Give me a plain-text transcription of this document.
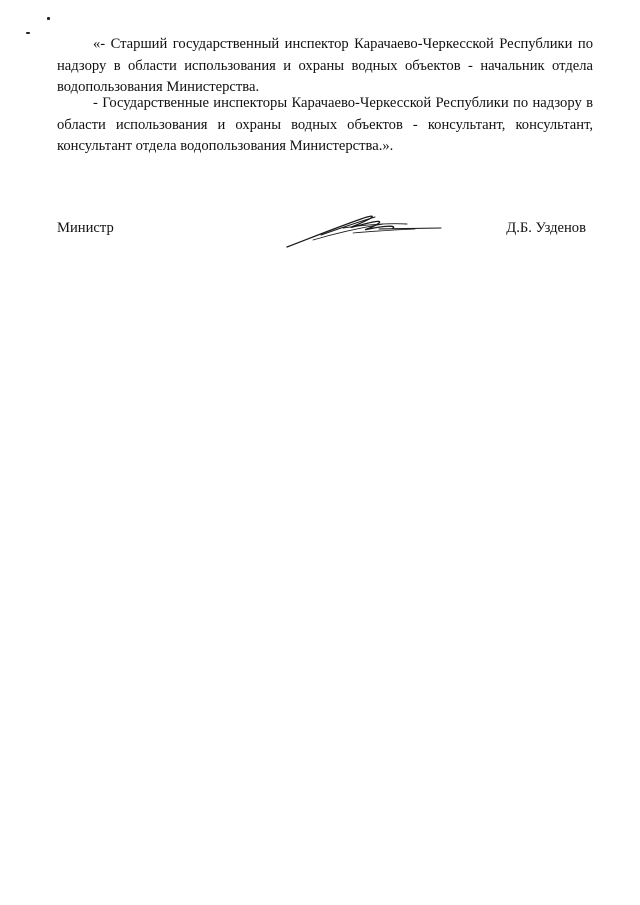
«- Старший государственный инспектор Карачаево-Черкесской Республики по надзору в области использования и охраны водных объектов - начальник отдела водопользования Министерства.

- Государственные инспекторы Карачаево-Черкесской Республики по надзору в области использования и охраны водных объектов - консультант, консультант, консультант отдела водопользования Министерства.».

Министр	Д.Б. Узденов
